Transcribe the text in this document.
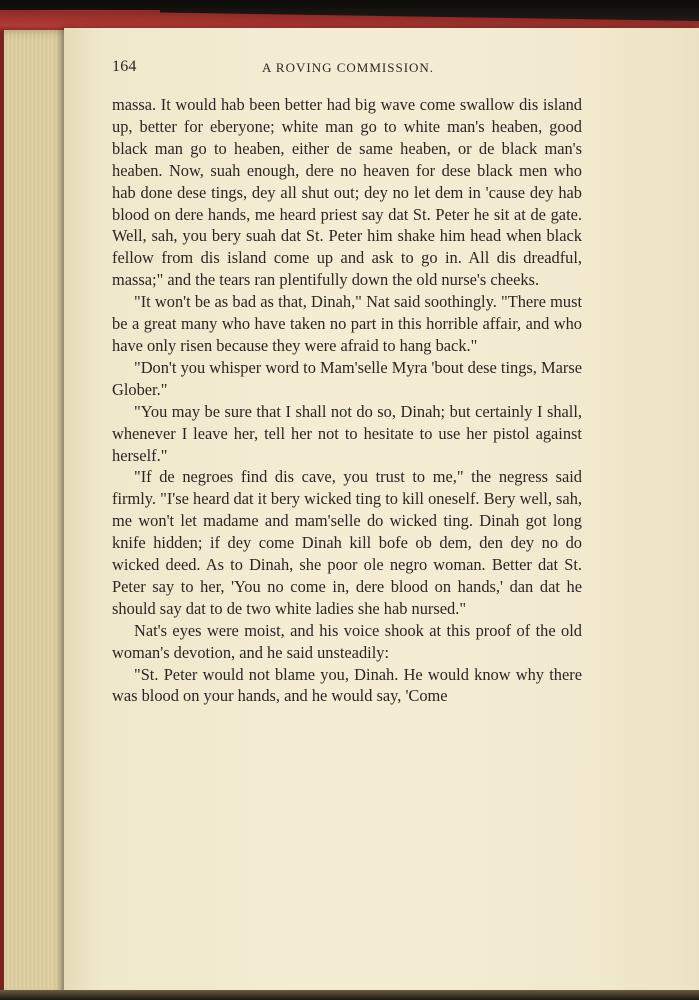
164	A ROVING COMMISSION.

massa. It would hab been better had big wave come swallow dis island up, better for eberyone; white man go to white man's heaben, good black man go to heaben, either de same heaben, or de black man's heaben. Now, suah enough, dere no heaven for dese black men who hab done dese tings, dey all shut out; dey no let dem in 'cause dey hab blood on dere hands, me heard priest say dat St. Peter he sit at de gate. Well, sah, you bery suah dat St. Peter him shake him head when black fellow from dis island come up and ask to go in. All dis dreadful, massa;" and the tears ran plentifully down the old nurse's cheeks.

"It won't be as bad as that, Dinah," Nat said soothingly. "There must be a great many who have taken no part in this horrible affair, and who have only risen because they were afraid to hang back."

"Don't you whisper word to Mam'selle Myra 'bout dese tings, Marse Glober."

"You may be sure that I shall not do so, Dinah; but certainly I shall, whenever I leave her, tell her not to hesitate to use her pistol against herself."

"If de negroes find dis cave, you trust to me," the negress said firmly. "I'se heard dat it bery wicked ting to kill oneself. Bery well, sah, me won't let madame and mam'selle do wicked ting. Dinah got long knife hidden; if dey come Dinah kill bofe ob dem, den dey no do wicked deed. As to Dinah, she poor ole negro woman. Better dat St. Peter say to her, 'You no come in, dere blood on hands,' dan dat he should say dat to de two white ladies she hab nursed."

Nat's eyes were moist, and his voice shook at this proof of the old woman's devotion, and he said unsteadily:

"St. Peter would not blame you, Dinah. He would know why there was blood on your hands, and he would say, 'Come
